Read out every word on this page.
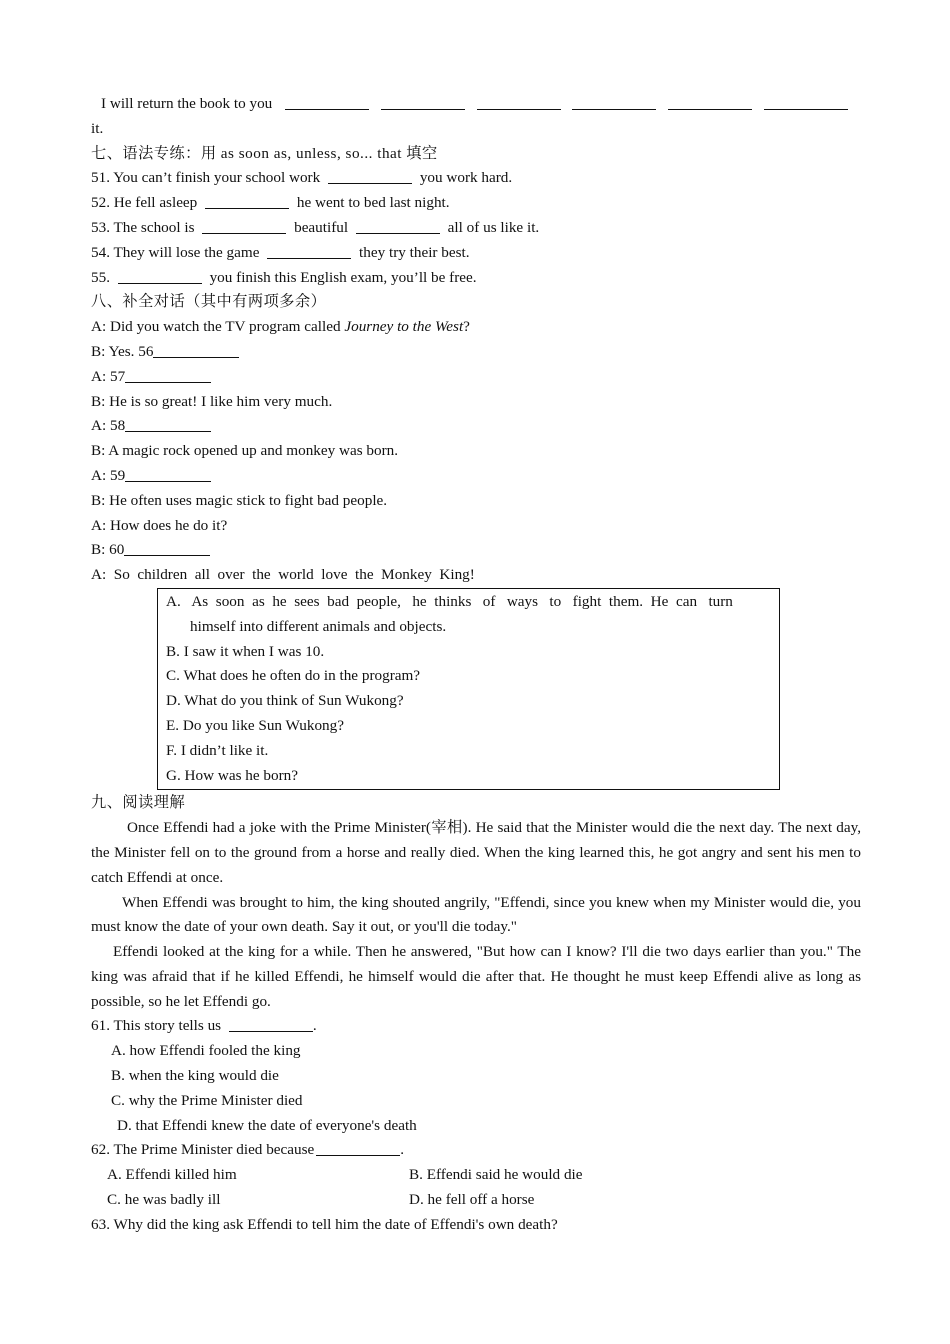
I will return the book to you
it.
七、语法专练：用 as soon as, unless, so... that 填空
51. You can’t finish your school work	you work hard.
52. He fell asleep	he went to bed last night.
53. The school is	beautiful	all of us like it.
54. They will lose the game	they try their best.
55.	you finish this English exam, you’ll be free.
八、补全对话（其中有两项多余）
A: Did you watch the TV program called Journey to the West?
B: Yes. 56
A: 57
B: He is so great! I like him very much.
A: 58
B: A magic rock opened up and monkey was born.
A: 59
B: He often uses magic stick to fight bad people.
A: How does he do it?
B: 60
A:  So  children  all  over  the  world  love  the  Monkey  King!
A.   As  soon  as  he  sees  bad  people,   he  thinks   of   ways   to   fight  them.  He  can   turn
himself into different animals and objects.
B. I saw it when I was 10.
C. What does he often do in the program?
D. What do you think of Sun Wukong?
E. Do you like Sun Wukong?
F. I didn’t like it.
G. How was he born?
九、阅读理解
Once Effendi had a joke with the Prime Minister(宰相). He said that the Minister would die the next day. The next day, the Minister fell on to the ground from a horse and really died. When the king learned this, he got angry and sent his men to catch Effendi at once.
When Effendi was brought to him, the king shouted angrily, "Effendi, since you knew when my Minister would die, you must know the date of your own death. Say it out, or you'll die today."
Effendi looked at the king for a while. Then he answered, "But how can I know? I'll die two days earlier than you." The king was afraid that if he killed Effendi, he himself would die after that. He thought he must keep Effendi alive as long as possible, so he let Effendi go.
61. This story tells us	.
A. how Effendi fooled the king
B. when the king would die
C. why the Prime Minister died
D. that Effendi knew the date of everyone's death
62. The Prime Minister died because	.
A. Effendi killed him	B. Effendi said he would die
C. he was badly ill	D. he fell off a horse
63. Why did the king ask Effendi to tell him the date of Effendi's own death?
